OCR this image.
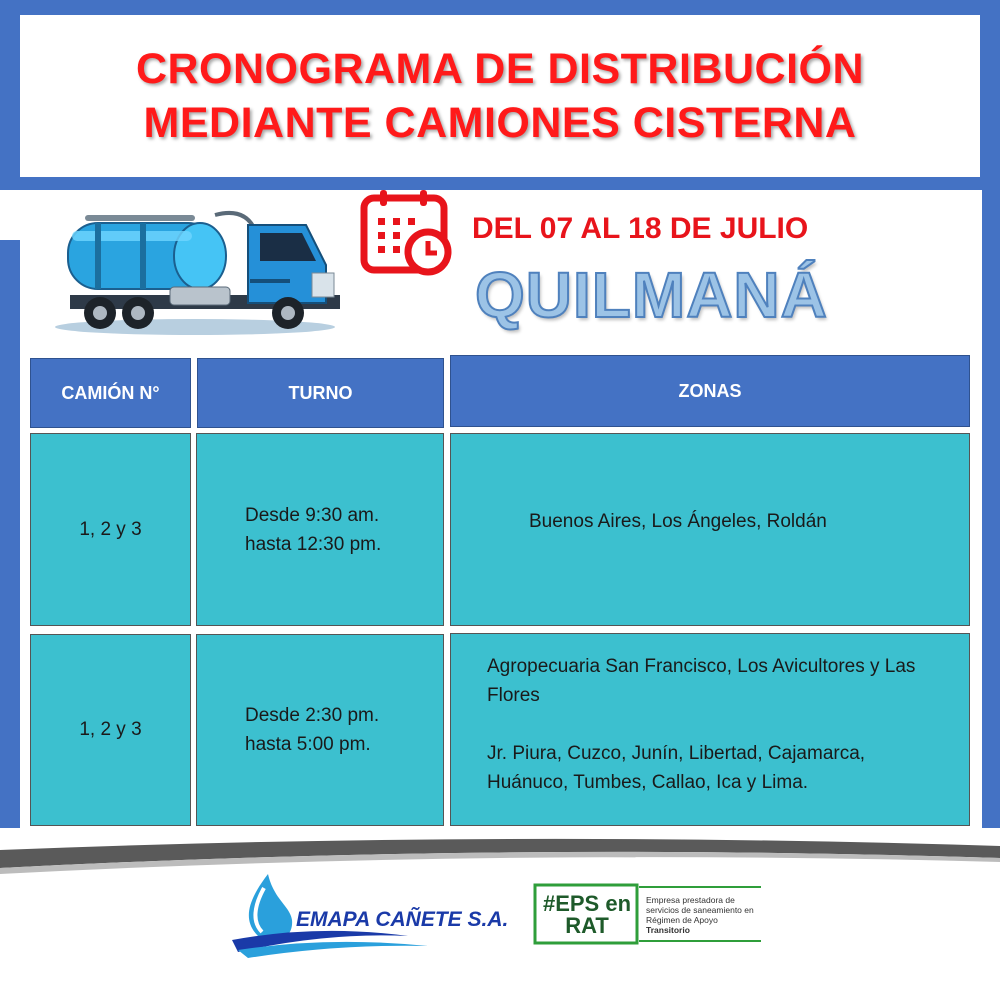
CRONOGRAMA DE DISTRIBUCIÓN
MEDIANTE CAMIONES CISTERNA
DEL 07 AL 18 DE JULIO
QUILMANÁ
CAMIÓN N°	TURNO	ZONAS
1, 2 y 3
Desde 9:30 am.
hasta 12:30 pm.
Buenos Aires, Los Ángeles, Roldán
1, 2 y 3
Desde 2:30 pm.
hasta 5:00 pm.

Agropecuaria San Francisco, Los Avicultores y Las Flores

Jr. Piura, Cuzco, Junín, Libertad, Cajamarca, Huánuco, Tumbes, Callao, Ica y Lima.

EMAPA CAÑETE S.A.
#EPS en
RAT
Empresa prestadora de servicios de saneamiento en Régimen de Apoyo
Transitorio
